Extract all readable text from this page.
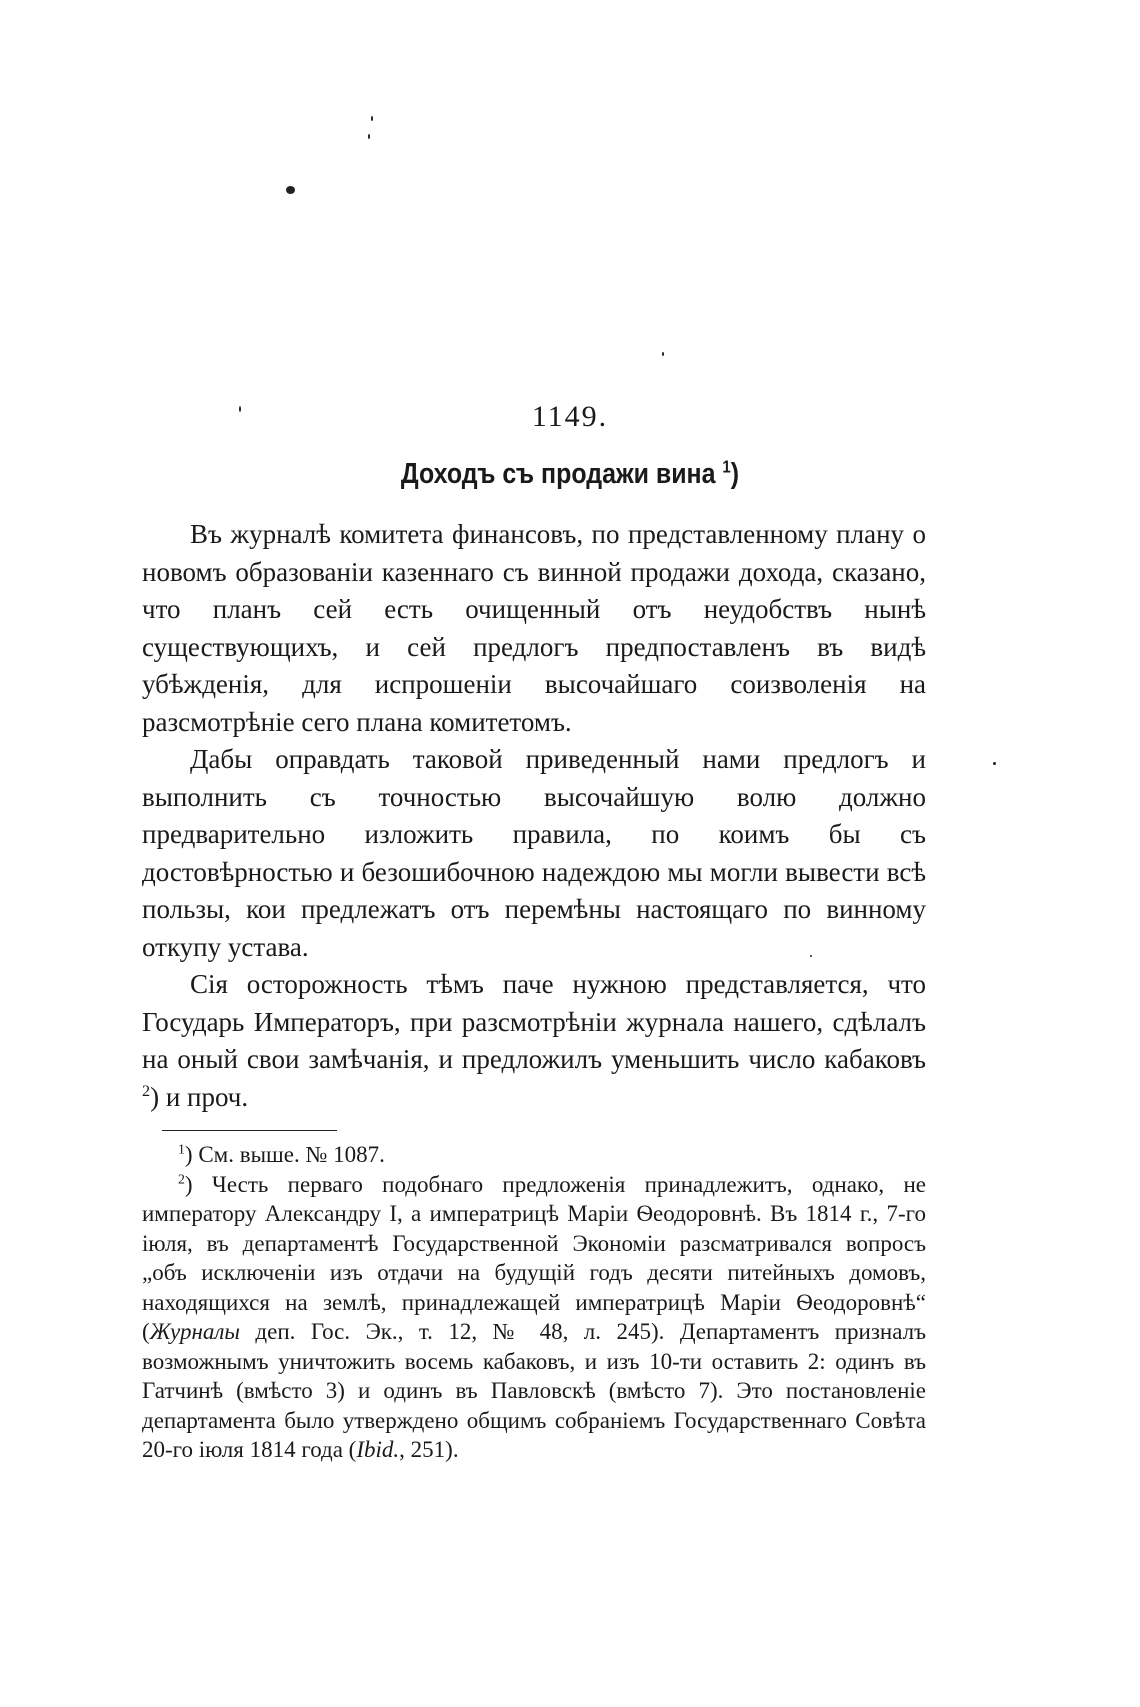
1149.
Доходъ съ продажи вина $^1$)

Въ журналѣ комитета финансовъ, по представленному плану о новомъ образованіи казеннаго съ винной продажи дохода, сказано, что планъ сей есть очищенный отъ неудобствъ нынѣ существующихъ, и сей предлогъ предпоставленъ въ видѣ убѣжденія, для испрошеніи высочайшаго соизволенія на разсмотрѣніе сего плана комитетомъ.

Дабы оправдать таковой приведенный нами предлогъ и выполнить съ точностью высочайшую волю должно предварительно изложить правила, по коимъ бы съ достовѣрностью и безошибочною надеждою мы могли вывести всѣ пользы, кои предлежатъ отъ перемѣны настоящаго по винному откупу устава.

Сія осторожность тѣмъ паче нужною представляется, что Государь Императоръ, при разсмотрѣніи журнала нашего, сдѣлалъ на оный свои замѣчанія, и предложилъ уменьшить число кабаковъ $^2$) и проч.

$^1$) См. выше. № 1087.

$^2$) Честь перваго подобнаго предложенія принадлежитъ, однако, не императору Александру I, а императрицѣ Маріи Ѳеодоровнѣ. Въ 1814 г., 7-го іюля, въ департаментѣ Государственной Экономіи разсматривался вопросъ „объ исключеніи изъ отдачи на будущій годъ десяти питейныхъ домовъ, находящихся на землѣ, принадлежащей императрицѣ Маріи Ѳеодоровнѣ“ (Журналы деп. Гос. Эк., т. 12, № 48, л. 245). Департаментъ призналъ возможнымъ уничтожить восемь кабаковъ, и изъ 10-ти оставить 2: одинъ въ Гатчинѣ (вмѣсто 3) и одинъ въ Павловскѣ (вмѣсто 7). Это постановленіе департамента было утверждено общимъ собраніемъ Государственнаго Совѣта 20-го іюля 1814 года (Ibid., 251).
